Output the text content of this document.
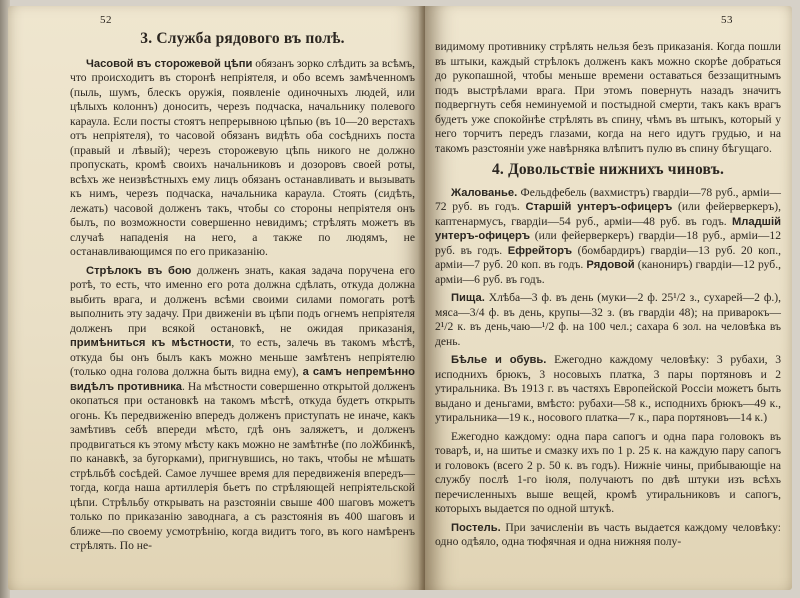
52
3. Служба рядового въ полѣ.

Часовой въ сторожевой цѣпи обязанъ зорко слѣдить за всѣмъ, что происходитъ въ сторонѣ непріятеля, и обо всемъ замѣченномъ (пыль, шумъ, блескъ оружія, появленіе одиночныхъ людей, или цѣлыхъ колоннъ) доносить, черезъ подчаска, начальнику полевого караула. Если посты стоятъ непрерывною цѣпью (въ 10—20 верстахъ отъ непріятеля), то часовой обязанъ видѣть оба сосѣднихъ поста (правый и лѣвый); черезъ сторожевую цѣпь никого не должно пропускать, кромѣ своихъ начальниковъ и дозоровъ своей роты, всѣхъ же неизвѣстныхъ ему лицъ обязанъ останавливать и вызывать къ нимъ, черезъ подчаска, начальника караула. Стоять (сидѣть, лежать) часовой долженъ такъ, чтобы со стороны непріятеля онъ былъ, по возможности совершенно невидимъ; стрѣлять можетъ въ случаѣ нападенія на него, а также по людямъ, не останавливающимся по его приказанію.

Стрѣлокъ въ бою долженъ знать, какая задача поручена его ротѣ, то есть, что именно его рота должна сдѣлать, откуда должна выбить врага, и долженъ всѣми своими силами помогать ротѣ выполнить эту задачу. При движеніи въ цѣпи подъ огнемъ непріятеля долженъ при всякой остановкѣ, не ожидая приказанія, примѣниться къ мѣстности, то есть, залечь въ такомъ мѣстѣ, откуда бы онъ былъ какъ можно меньше замѣтенъ непріятелю (только одна голова должна быть видна ему), а самъ непремѣнно видѣлъ противника. На мѣстности совершенно открытой долженъ окопаться при остановкѣ на такомъ мѣстѣ, откуда будетъ открыть огонь. Къ передвиженію впередъ долженъ приступать не иначе, какъ замѣтивъ себѣ впереди мѣсто, гдѣ онъ заляжетъ, и долженъ продвигаться къ этому мѣсту какъ можно не замѣтнѣе (по лоЖбинкѣ, по канавкѣ, за бугорками), пригнувшись, но такъ, чтобы не мѣшать стрѣльбѣ сосѣдей. Самое лучшее время для передвиженія впередъ—тогда, когда наша артиллерія бьетъ по стрѣляющей непріятельской цѣпи. Стрѣльбу открывать на разстояніи свыше 400 шаговъ можетъ только по приказанію заводнага, а съ разстоянія въ 400 шаговъ и ближе—по своему усмотрѣнію, когда видитъ того, въ кого намѣренъ стрѣлять. По не-

53

видимому противнику стрѣлять нельзя безъ приказанія. Когда пошли въ штыки, каждый стрѣлокъ долженъ какъ можно скорѣе добраться до рукопашной, чтобы меньше времени оставаться беззащитнымъ подъ выстрѣлами врага. При этомъ повернуть назадъ значитъ подвергнуть себя неминуемой и постыдной смерти, такъ какъ врагъ будетъ уже спокойнѣе стрѣлять въ спину, чѣмъ въ штыкъ, который у него торчитъ передъ глазами, когда на него идутъ грудью, и на такомъ разстояніи уже навѣрняка влѣпитъ пулю въ спину бѣгущаго.

4. Довольствіе нижнихъ чиновъ.

Жалованье. Фельдфебель (вахмистръ) гвардіи—78 руб., арміи—72 руб. въ годъ. Старшій унтеръ-офицеръ (или фейерверкеръ), каптенармусъ, гвардіи—54 руб., арміи—48 руб. въ годъ. Младшій унтеръ-офицеръ (или фейерверкеръ) гвардіи—18 руб., арміи—12 руб. въ годъ. Ефрейторъ (бомбардиръ) гвардіи—13 руб. 20 коп., арміи—7 руб. 20 коп. въ годъ. Рядовой (канониръ) гвардіи—12 руб., арміи—6 руб. въ годъ.

Пища. Хлѣба—3 ф. въ день (муки—2 ф. 25¹/2 з., сухарей—2 ф.), мяса—3/4 ф. въ день, крупы—32 з. (въ гвардіи 48); на приварокъ—2¹/2 к. въ день,чаю—¹/2 ф. на 100 чел.; сахара 6 зол. на человѣка въ день.

Бѣлье и обувь. Ежегодно каждому человѣку: 3 рубахи, 3 исподнихъ брюкъ, 3 носовыхъ платка, 3 пары портяновъ и 2 утиральника. Въ 1913 г. въ частяхъ Европейской Россіи можетъ быть выдано и деньгами, вмѣсто: рубахи—58 к., исподнихъ брюкъ—49 к., утиральника—19 к., носового платка—7 к., пара портяновъ—14 к.)

Ежегодно каждому: одна пара сапогъ и одна пара головокъ въ товарѣ, и, на шитье и смазку ихъ по 1 р. 25 к. на каждую пару сапогъ и головокъ (всего 2 р. 50 к. въ годъ). Нижніе чины, прибывающіе на службу послѣ 1-го іюля, получаютъ по двѣ штуки изъ всѣхъ перечисленныхъ выше вещей, кромѣ утиральниковъ и сапогъ, которыхъ выдается по одной штукѣ.

Постель. При зачисленіи въ часть выдается каждому человѣку: одно одѣяло, одна тюфячная и одна нижняя полу-
